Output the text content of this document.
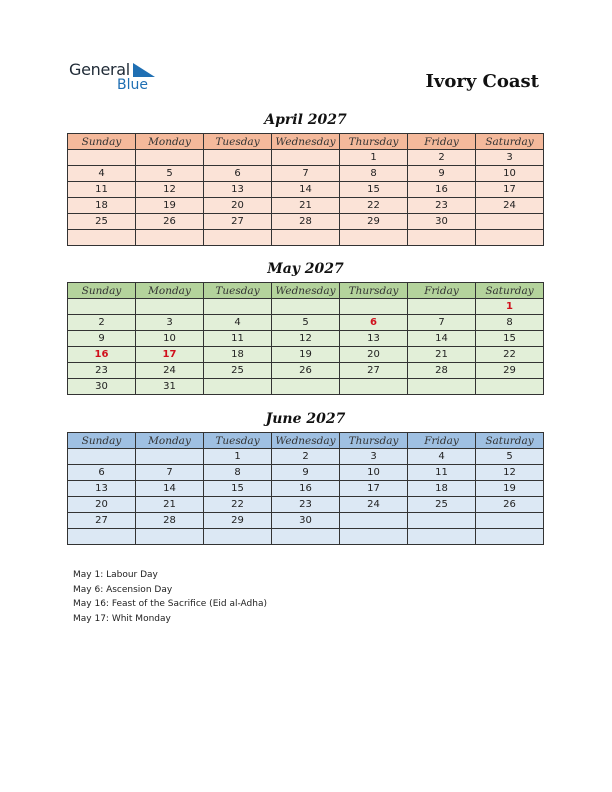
General
Blue	Ivory Coast
April 2027
Sunday	Monday	Tuesday	Wednesday	Thursday	Friday	Saturday
				1	2	3
4	5	6	7	8	9	10
11	12	13	14	15	16	17
18	19	20	21	22	23	24
25	26	27	28	29	30	

May 2027
Sunday	Monday	Tuesday	Wednesday	Thursday	Friday	Saturday
						1
2	3	4	5	6	7	8
9	10	11	12	13	14	15
16	17	18	19	20	21	22
23	24	25	26	27	28	29
30	31					
June 2027
Sunday	Monday	Tuesday	Wednesday	Thursday	Friday	Saturday
		1	2	3	4	5
6	7	8	9	10	11	12
13	14	15	16	17	18	19
20	21	22	23	24	25	26
27	28	29	30			

May 1: Labour Day
May 6: Ascension Day
May 16: Feast of the Sacrifice (Eid al-Adha)
May 17: Whit Monday
